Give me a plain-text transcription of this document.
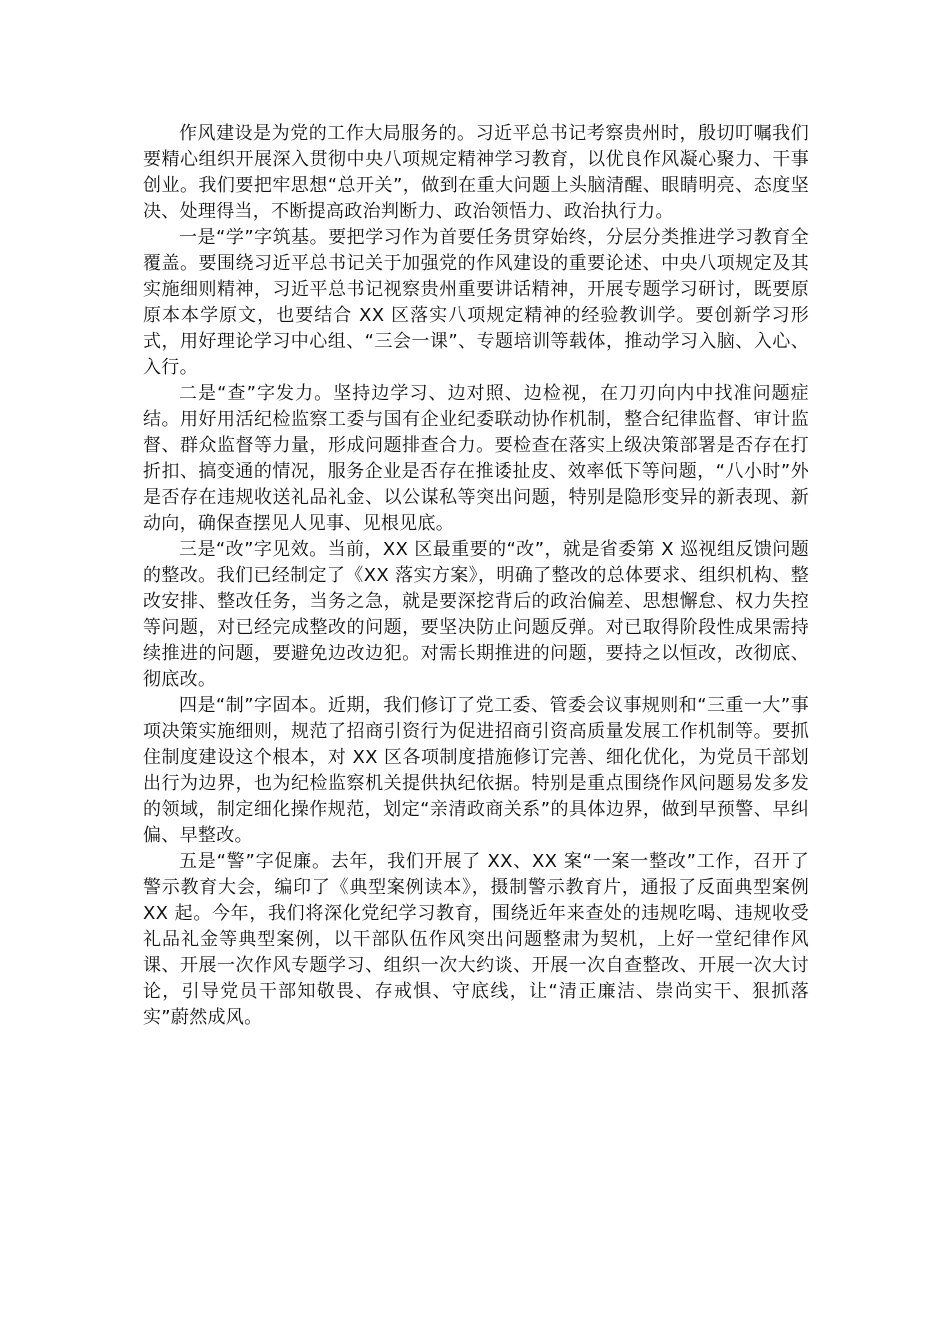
作风建设是为党的工作大局服务的。习近平总书记考察贵州时，殷切叮嘱我们要精心组织开展深入贯彻中央八项规定精神学习教育，以优良作风凝心聚力、干事创业。我们要把牢思想“总开关”，做到在重大问题上头脑清醒、眼睛明亮、态度坚决、处理得当，不断提高政治判断力、政治领悟力、政治执行力。

一是“学”字筑基。要把学习作为首要任务贯穿始终，分层分类推进学习教育全覆盖。要围绕习近平总书记关于加强党的作风建设的重要论述、中央八项规定及其实施细则精神，习近平总书记视察贵州重要讲话精神，开展专题学习研讨，既要原原本本学原文，也要结合 XX 区落实八项规定精神的经验教训学。要创新学习形式，用好理论学习中心组、“三会一课”、专题培训等载体，推动学习入脑、入心、入行。

二是“查”字发力。坚持边学习、边对照、边检视，在刀刃向内中找准问题症结。用好用活纪检监察工委与国有企业纪委联动协作机制，整合纪律监督、审计监督、群众监督等力量，形成问题排查合力。要检查在落实上级决策部署是否存在打折扣、搞变通的情况，服务企业是否存在推诿扯皮、效率低下等问题，“八小时”外是否存在违规收送礼品礼金、以公谋私等突出问题，特别是隐形变异的新表现、新动向，确保查摆见人见事、见根见底。

三是“改”字见效。当前，XX 区最重要的“改”，就是省委第 X 巡视组反馈问题的整改。我们已经制定了《XX 落实方案》，明确了整改的总体要求、组织机构、整改安排、整改任务，当务之急，就是要深挖背后的政治偏差、思想懈怠、权力失控等问题，对已经完成整改的问题，要坚决防止问题反弹。对已取得阶段性成果需持续推进的问题，要避免边改边犯。对需长期推进的问题，要持之以恒改，改彻底、彻底改。

四是“制”字固本。近期，我们修订了党工委、管委会议事规则和“三重一大”事项决策实施细则，规范了招商引资行为促进招商引资高质量发展工作机制等。要抓住制度建设这个根本，对 XX 区各项制度措施修订完善、细化优化，为党员干部划出行为边界，也为纪检监察机关提供执纪依据。特别是重点围绕作风问题易发多发的领域，制定细化操作规范，划定“亲清政商关系”的具体边界，做到早预警、早纠偏、早整改。

五是“警”字促廉。去年，我们开展了 XX、XX 案“一案一整改”工作，召开了警示教育大会，编印了《典型案例读本》，摄制警示教育片，通报了反面典型案例 XX 起。今年，我们将深化党纪学习教育，围绕近年来查处的违规吃喝、违规收受礼品礼金等典型案例，以干部队伍作风突出问题整肃为契机，上好一堂纪律作风课、开展一次作风专题学习、组织一次大约谈、开展一次自查整改、开展一次大讨论，引导党员干部知敬畏、存戒惧、守底线，让“清正廉洁、崇尚实干、狠抓落实”蔚然成风。
